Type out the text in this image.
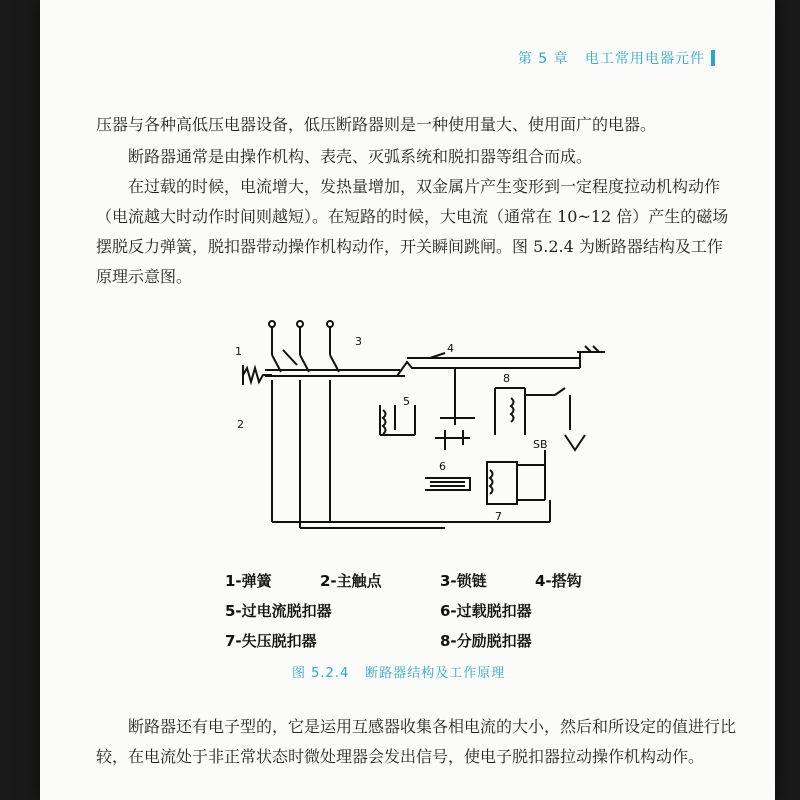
第 5 章 电工常用电器元件

压器与各种高低压电器设备，低压断路器则是一种使用量大、使用面广的电器。

断路器通常是由操作机构、表壳、灭弧系统和脱扣器等组合而成。

在过载的时候，电流增大，发热量增加，双金属片产生变形到一定程度拉动机构动作（电流越大时动作时间则越短）。在短路的时候，大电流（通常在 10~12 倍）产生的磁场摆脱反力弹簧，脱扣器带动操作机构动作，开关瞬间跳闸。图 5.2.4 为断路器结构及工作原理示意图。

1
2
3
4
5
6
7
8
SB
1-弹簧	2-主触点	3-锁链	4-搭钩
5-过电流脱扣器	6-过载脱扣器
7-失压脱扣器	8-分励脱扣器
图 5.2.4 断路器结构及工作原理

断路器还有电子型的，它是运用互感器收集各相电流的大小，然后和所设定的值进行比较，在电流处于非正常状态时微处理器会发出信号，使电子脱扣器拉动操作机构动作。
